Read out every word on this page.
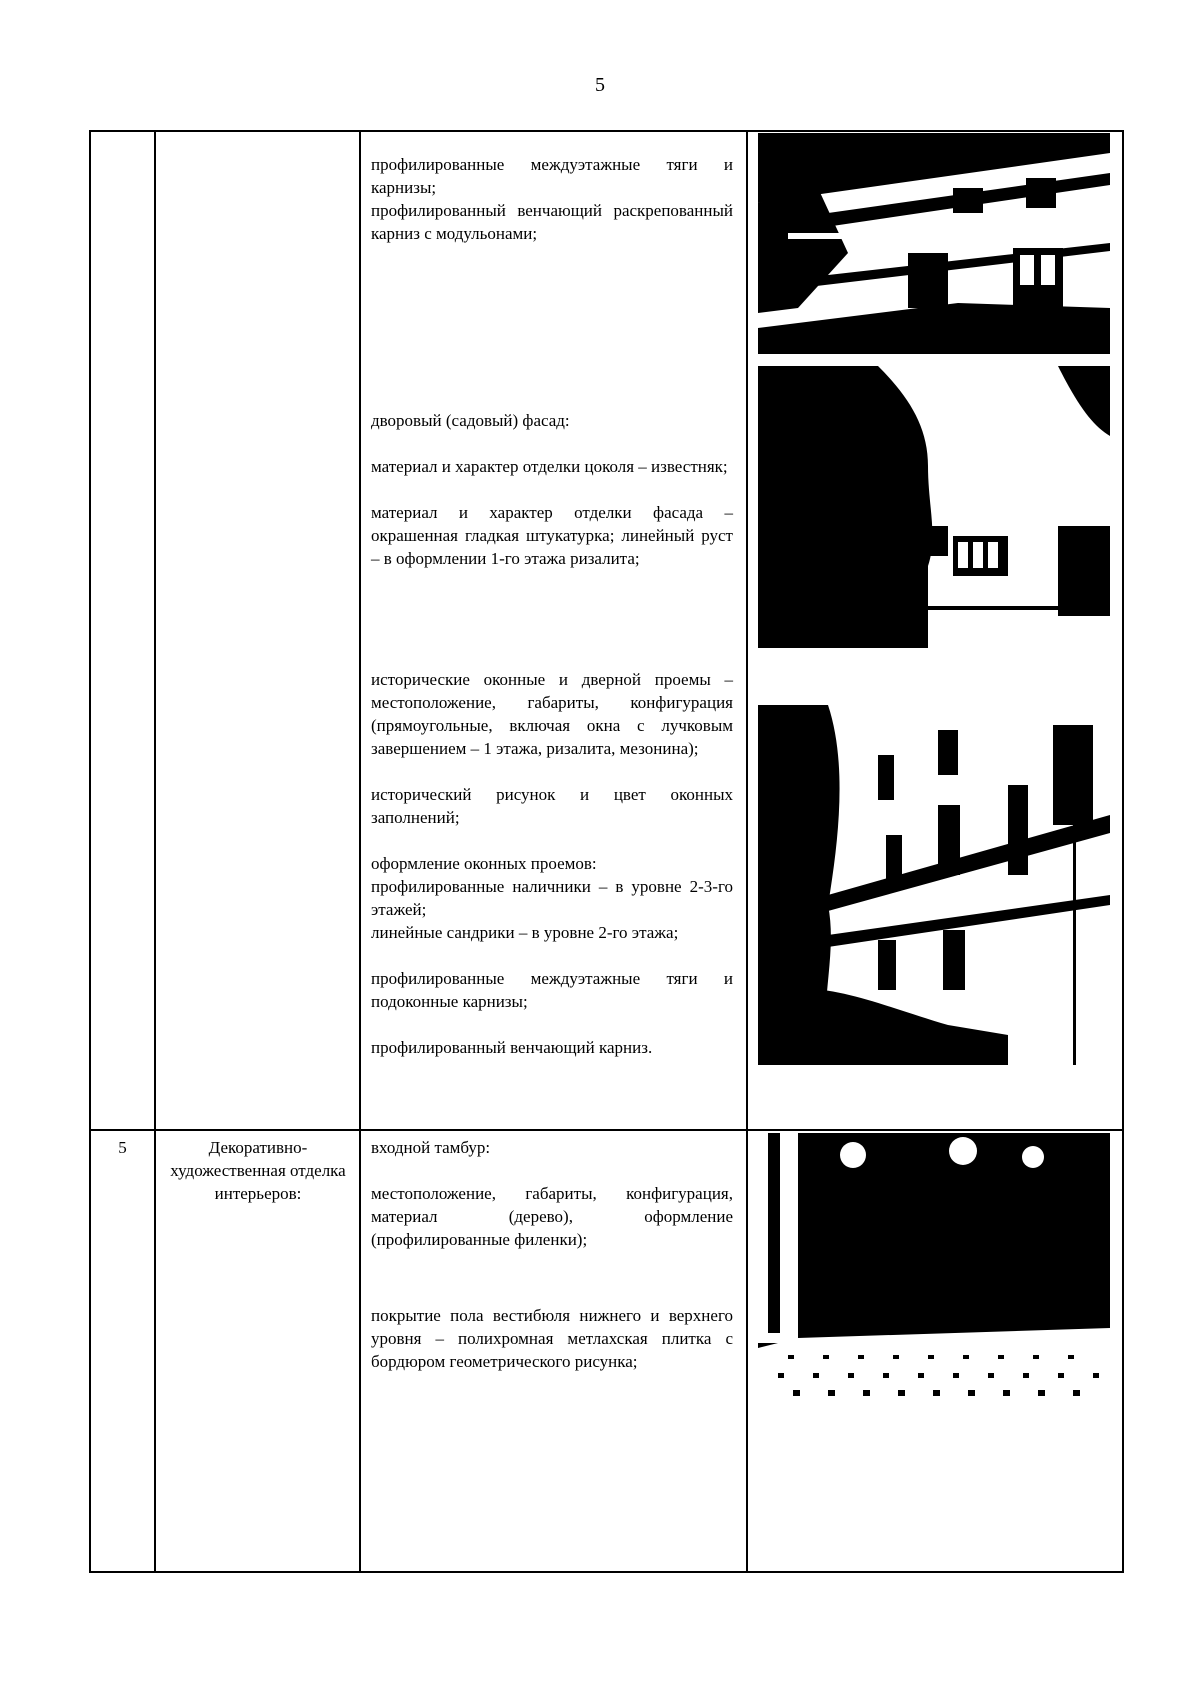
5

профилированные междуэтажные тяги и карнизы;

профилированный венчающий раскрепованный карниз с модульонами;

дворовый (садовый) фасад:

материал и характер отделки цоколя – известняк;

материал и характер отделки фасада – окрашенная гладкая штукатурка; линейный руст – в оформлении 1-го этажа ризалита;

исторические оконные и дверной проемы – местоположение, габариты, конфигурация (прямоугольные, включая окна с лучковым завершением – 1 этажа, ризалита, мезонина);

исторический рисунок и цвет оконных заполнений;

оформление оконных проемов:

профилированные наличники – в уровне 2-3-го этажей;

линейные сандрики – в уровне 2-го этажа;

профилированные междуэтажные тяги и подоконные карнизы;

профилированный венчающий карниз.

5	Декоративно-художественная отделка интерьеров:

входной тамбур:

местоположение, габариты, конфигурация, материал (дерево), оформление (профилированные филенки);

покрытие пола вестибюля нижнего и верхнего уровня – полихромная метлахская плитка с бордюром геометрического рисунка;
